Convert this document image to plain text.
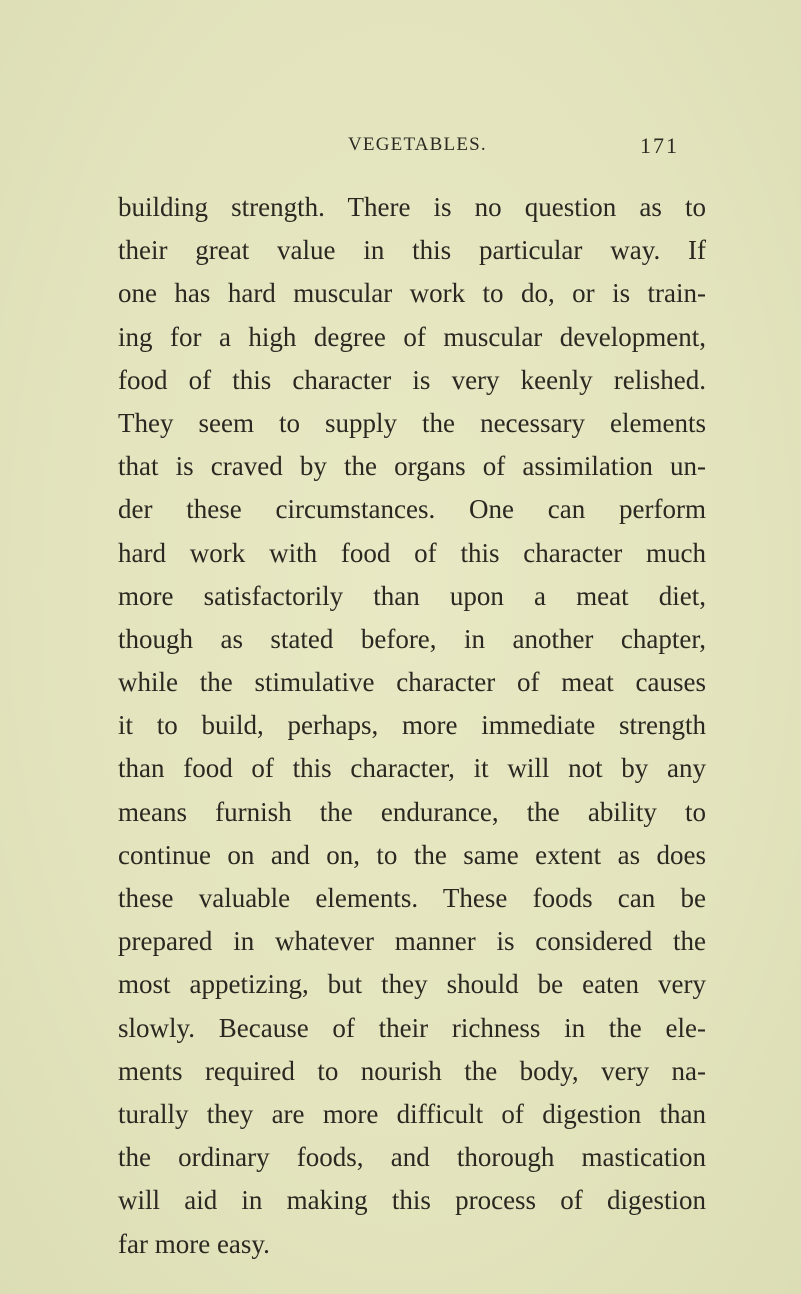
VEGETABLES.	171
building strength. There is no question as to
their great value in this particular way. If
one has hard muscular work to do, or is train-
ing for a high degree of muscular development,
food of this character is very keenly relished.
They seem to supply the necessary elements
that is craved by the organs of assimilation un-
der these circumstances. One can perform
hard work with food of this character much
more satisfactorily than upon a meat diet,
though as stated before, in another chapter,
while the stimulative character of meat causes
it to build, perhaps, more immediate strength
than food of this character, it will not by any
means furnish the endurance, the ability to
continue on and on, to the same extent as does
these valuable elements. These foods can be
prepared in whatever manner is considered the
most appetizing, but they should be eaten very
slowly. Because of their richness in the ele-
ments required to nourish the body, very na-
turally they are more difficult of digestion than
the ordinary foods, and thorough mastication
will aid in making this process of digestion
far more easy.
